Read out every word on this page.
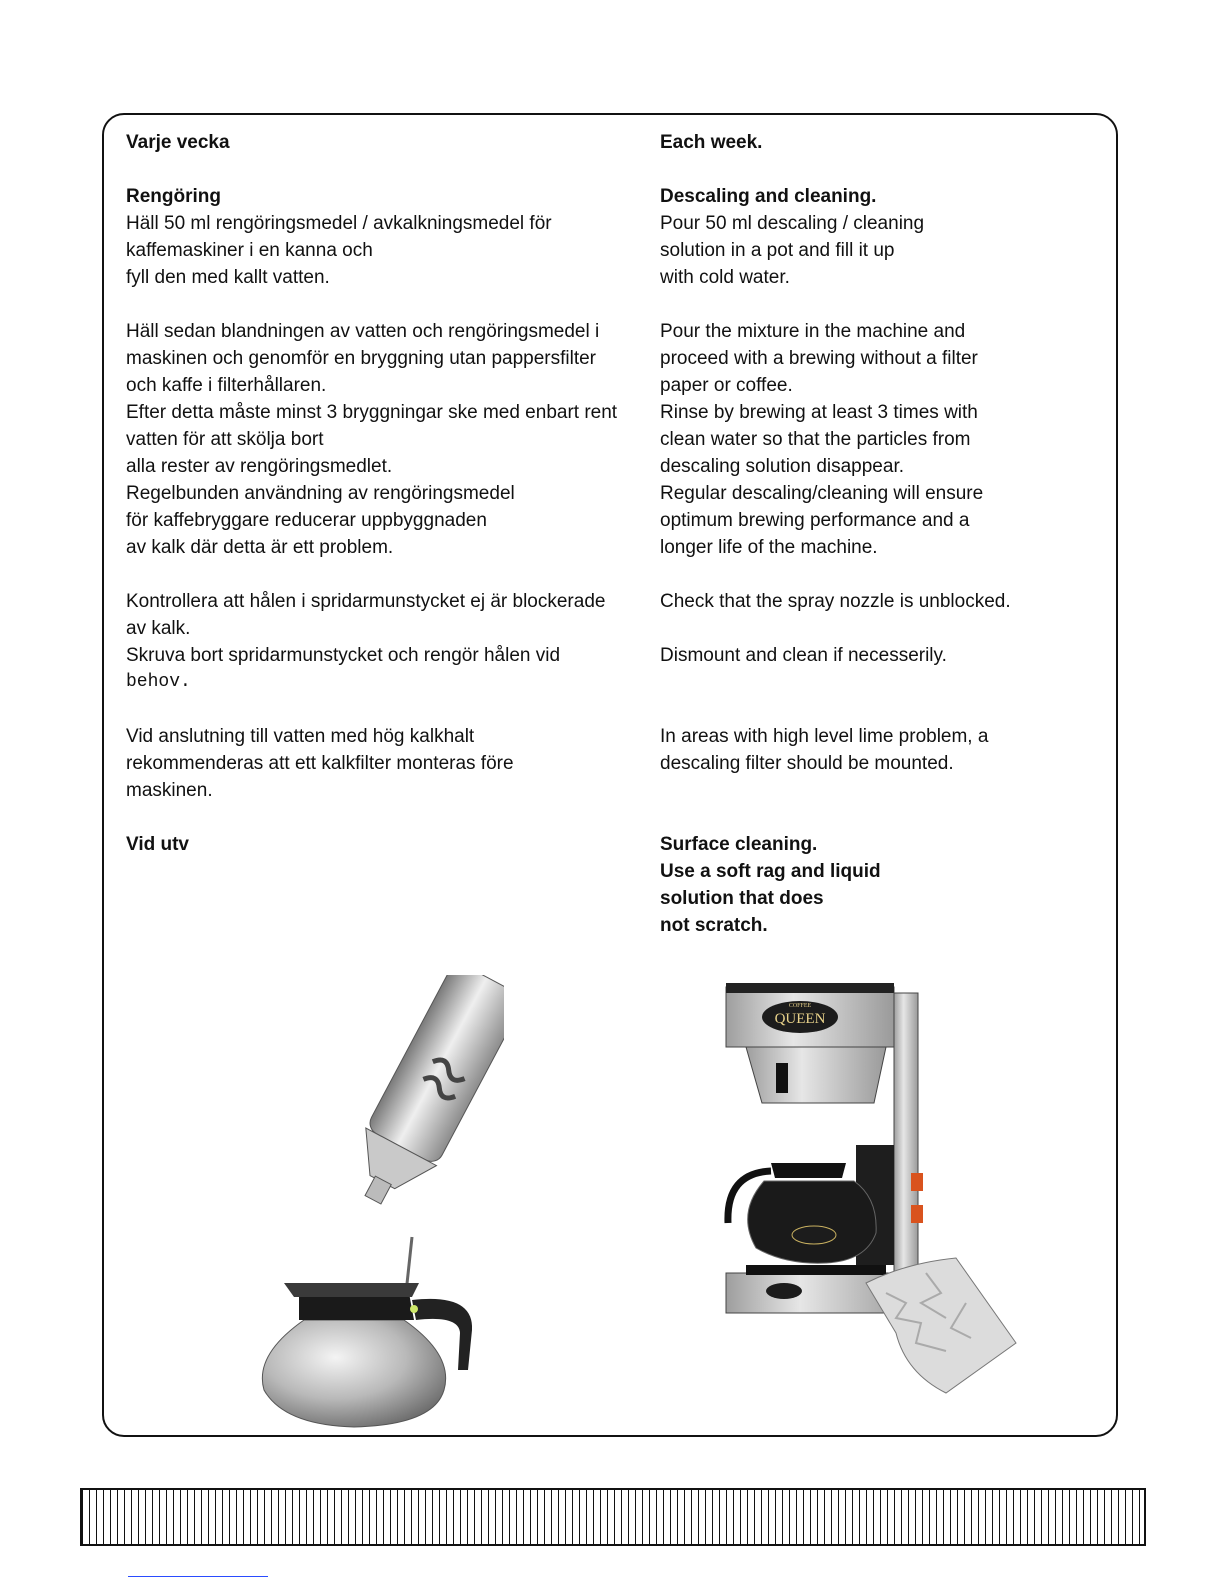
Varje vecka
Rengöring
Häll 50 ml rengöringsmedel / avkalkningsmedel för
kaffemaskiner i en kanna och
fyll den med kallt vatten.
Häll sedan blandningen av vatten och rengöringsmedel i
maskinen och genomför en bryggning utan pappersfilter
och kaffe i filterhållaren.
Efter detta måste minst 3 bryggningar ske med enbart rent
vatten för att skölja bort
alla rester av rengöringsmedlet.
Regelbunden användning av rengöringsmedel
för kaffebryggare reducerar uppbyggnaden
av kalk där detta är ett problem.
Kontrollera att hålen i spridarmunstycket ej är blockerade
av kalk.
Skruva bort spridarmunstycket och rengör hålen vid
behov.
Vid anslutning till vatten med hög kalkhalt
rekommenderas att ett kalkfilter monteras före
maskinen.
Vid utv
Each week.
Descaling and cleaning.
Pour 50 ml descaling / cleaning
solution in a pot and fill it up
with cold water.
Pour the mixture in the machine and
proceed with a brewing without a filter
paper or coffee.
Rinse by brewing at least 3 times with
clean water so that the particles from
descaling solution disappear.
Regular descaling/cleaning will ensure
optimum brewing performance and a
longer life of the machine.
Check that the spray nozzle is unblocked.
Dismount and clean if necesserily.
In areas with high level lime problem, a
descaling filter should be mounted.
Surface cleaning.
Use a soft rag and liquid
solution that does
not scratch.
QUEEN
COFFEE
